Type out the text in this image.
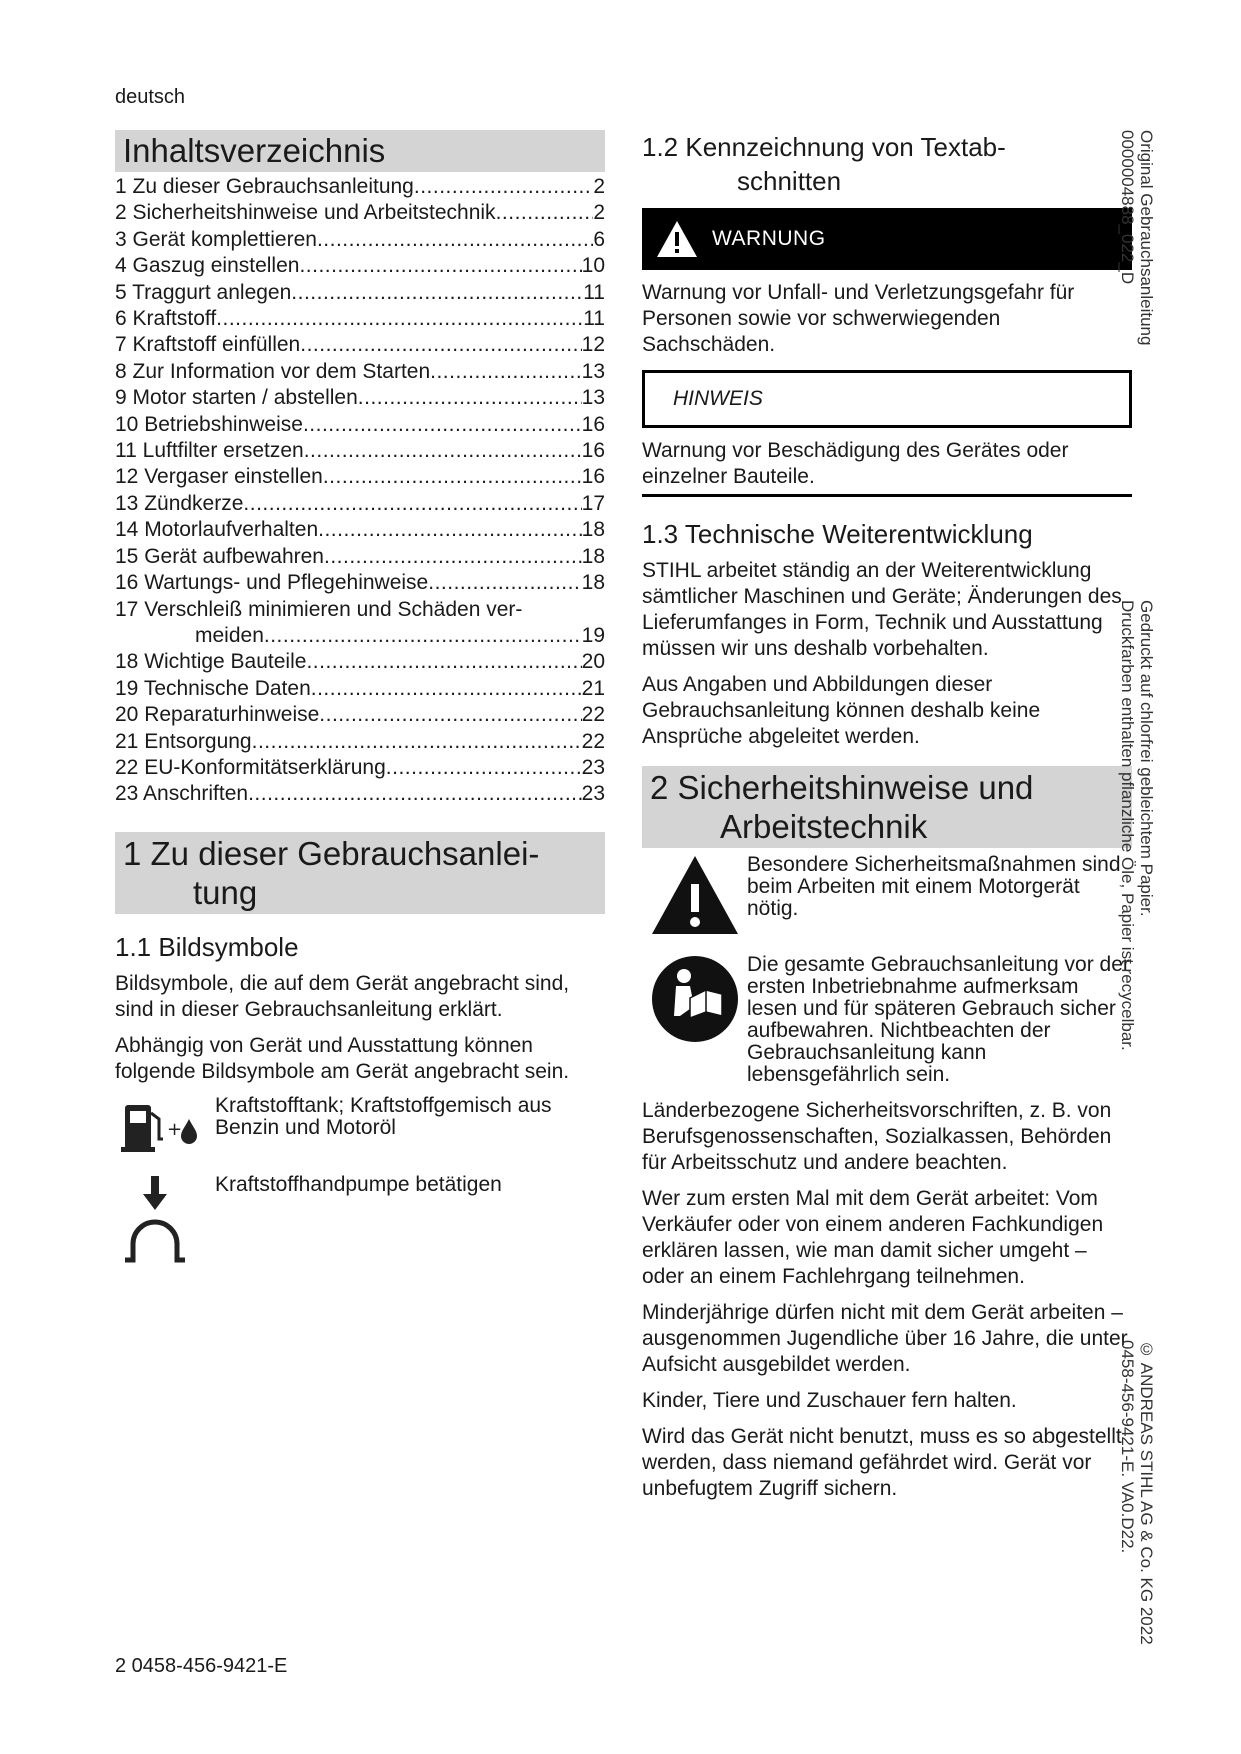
deutsch
Inhaltsverzeichnis
1 Zu dieser Gebrauchsanleitung .....	2
2 Sicherheitshinweise und Arbeitstechnik .....	2
3 Gerät komplettieren .....	6
4 Gaszug einstellen .....	10
5 Traggurt anlegen .....	11
6 Kraftstoff .....	11
7 Kraftstoff einfüllen .....	12
8 Zur Information vor dem Starten .....	13
9 Motor starten / abstellen .....	13
10 Betriebshinweise .....	16
11 Luftfilter ersetzen .....	16
12 Vergaser einstellen .....	16
13 Zündkerze .....	17
14 Motorlaufverhalten .....	18
15 Gerät aufbewahren .....	18
16 Wartungs- und Pflegehinweise .....	18
17 Verschleiß minimieren und Schäden ver-
meiden .....	19
18 Wichtige Bauteile .....	20
19 Technische Daten .....	21
20 Reparaturhinweise .....	22
21 Entsorgung .....	22
22 EU-Konformitätserklärung .....	23
23 Anschriften .....	23
1 Zu dieser Gebrauchsanlei-
tung
1.1 Bildsymbole

Bildsymbole, die auf dem Gerät angebracht sind, sind in dieser Gebrauchsanleitung erklärt.

Abhängig von Gerät und Ausstattung können folgende Bildsymbole am Gerät angebracht sein.

+
Kraftstofftank; Kraftstoffgemisch aus Benzin und Motoröl
Kraftstoffhandpumpe betätigen
1.2 Kennzeichnung von Textab-
schnitten
WARNUNG

Warnung vor Unfall- und Verletzungsgefahr für Personen sowie vor schwerwiegenden Sachschäden.

HINWEIS

Warnung vor Beschädigung des Gerätes oder einzelner Bauteile.

1.3 Technische Weiterentwicklung

STIHL arbeitet ständig an der Weiterentwicklung sämtlicher Maschinen und Geräte; Änderungen des Lieferumfanges in Form, Technik und Ausstattung müssen wir uns deshalb vorbehalten.

Aus Angaben und Abbildungen dieser Gebrauchsanleitung können deshalb keine Ansprüche abgeleitet werden.

2 Sicherheitshinweise und
Arbeitstechnik
Besondere Sicherheitsmaßnahmen sind beim Arbeiten mit einem Motorgerät nötig.
Die gesamte Gebrauchsanleitung vor der ersten Inbetriebnahme aufmerksam lesen und für späteren Gebrauch sicher aufbewahren. Nichtbeachten der Gebrauchsanleitung kann lebensgefährlich sein.

Länderbezogene Sicherheitsvorschriften, z. B. von Berufsgenossenschaften, Sozialkassen, Behörden für Arbeitsschutz und andere beachten.

Wer zum ersten Mal mit dem Gerät arbeitet: Vom Verkäufer oder von einem anderen Fachkundigen erklären lassen, wie man damit sicher umgeht – oder an einem Fachlehrgang teilnehmen.

Minderjährige dürfen nicht mit dem Gerät arbeiten – ausgenommen Jugendliche über 16 Jahre, die unter Aufsicht ausgebildet werden.

Kinder, Tiere und Zuschauer fern halten.

Wird das Gerät nicht benutzt, muss es so abgestellt werden, dass niemand gefährdet wird. Gerät vor unbefugtem Zugriff sichern.

Original Gebrauchsanleitung
0000004888_022_D
Gedruckt auf chlorfrei gebleichtem Papier.
Druckfarben enthalten pflanzliche Öle, Papier ist recycelbar.
© ANDREAS STIHL AG & Co. KG 2022
0458-456-9421-E. VA0.D22.
2 0458-456-9421-E
